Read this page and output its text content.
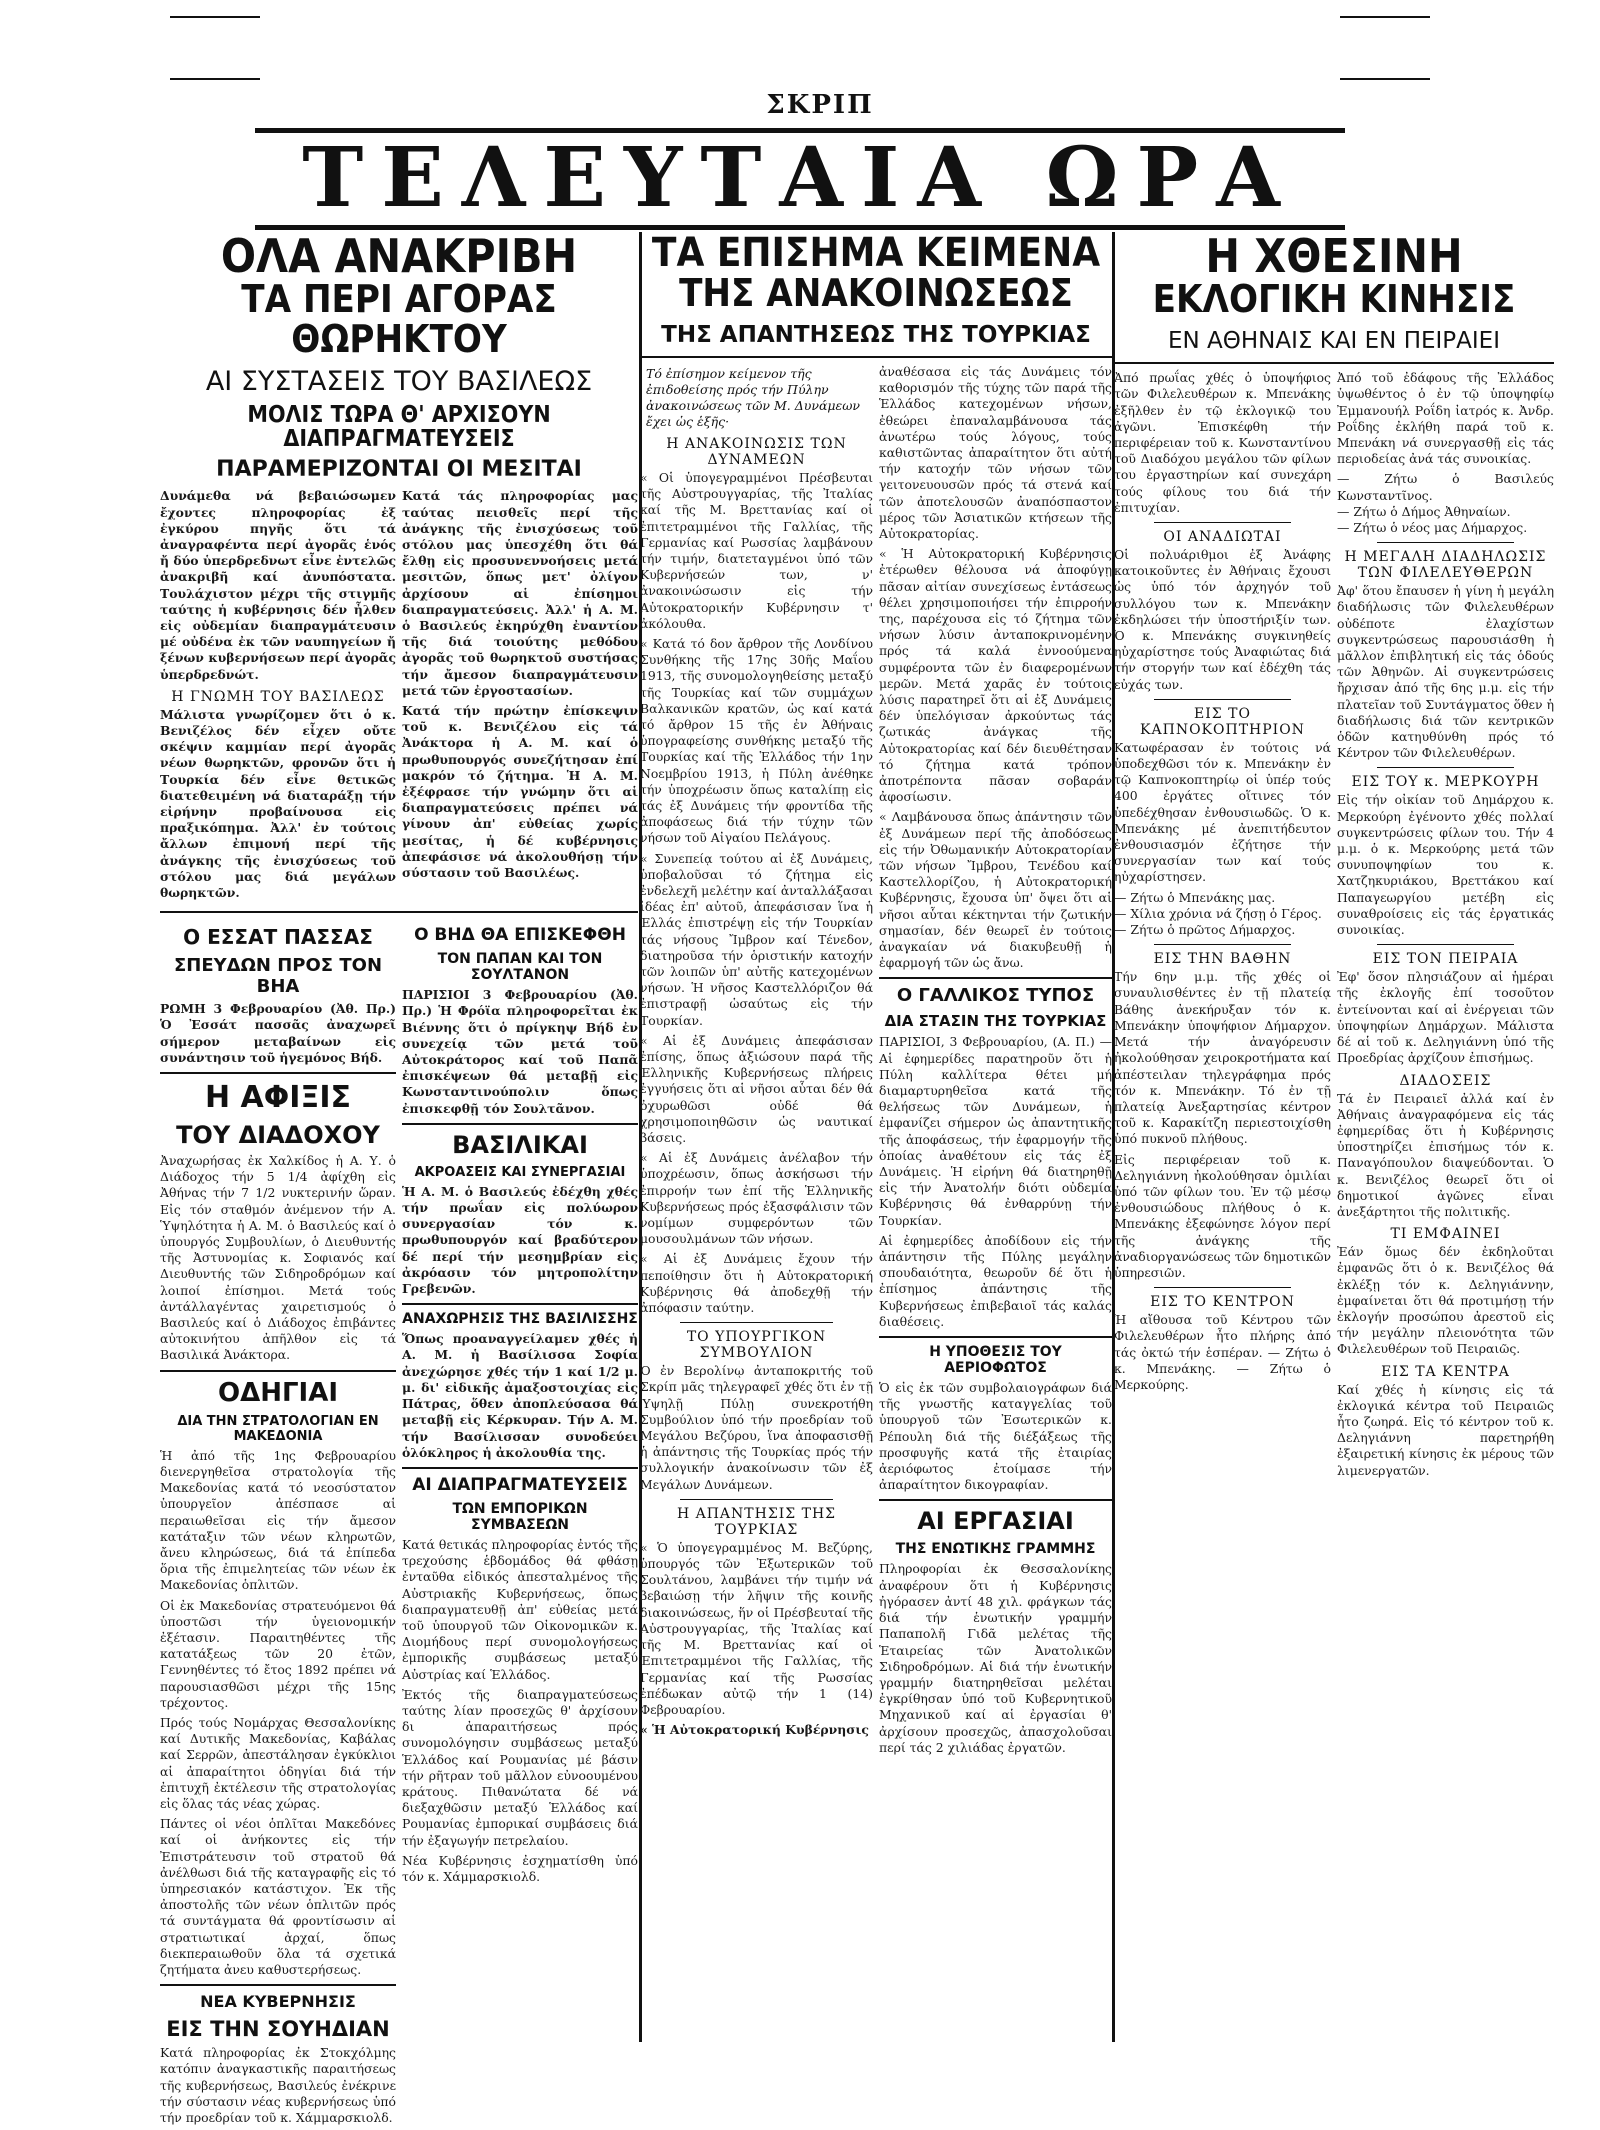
ΣΚΡΙΠ
ΤΕΛΕΥΤΑΙΑ ΩΡΑ

ΟΛΑ ΑΝΑΚΡΙΒΗ

ΤΑ ΠΕΡΙ ΑΓΟΡΑΣ ΘΩΡΗΚΤΟΥ

ΑΙ ΣΥΣΤΑΣΕΙΣ ΤΟΥ ΒΑΣΙΛΕΩΣ

ΜΟΛΙΣ ΤΩΡΑ Θ' ΑΡΧΙΣΟΥΝ ΔΙΑΠΡΑΓΜΑΤΕΥΣΕΙΣ

ΠΑΡΑΜΕΡΙΖΟΝΤΑΙ ΟΙ ΜΕΣΙΤΑΙ

Δυνάμεθα νά βεβαιώσωμεν ἔχοντες πληροφορίας ἐξ ἐγκύρου πηγῆς ὅτι τά ἀναγραφέντα περί ἀγορᾶς ἑνός ἤ δύο ὑπερδρεδνωτ εἶνε ἐντελῶς ἀνακριβῆ καί ἀνυπόστατα. Τουλάχιστον μέχρι τῆς στιγμῆς ταύτης ἡ κυβέρνησις δέν ἦλθεν εἰς οὐδεμίαν διαπραγμάτευσιν μέ οὐδένα ἐκ τῶν ναυπηγείων ἤ ξένων κυβερνήσεων περί ἀγορᾶς ὑπερδρεδνώτ.

Η ΓΝΩΜΗ ΤΟΥ ΒΑΣΙΛΕΩΣ

Μάλιστα γνωρίζομεν ὅτι ὁ κ. Βενιζέλος δέν εἶχεν οὔτε σκέψιν καμμίαν περί ἀγορᾶς νέων θωρηκτῶν, φρονῶν ὅτι ἡ Τουρκία δέν εἶνε θετικῶς διατεθειμένη νά διαταράξῃ τήν εἰρήνην προβαίνουσα εἰς πραξικόπημα. Ἀλλ' ἐν τούτοις ἄλλων ἐπιμονή περί τῆς ἀνάγκης τῆς ἐνισχύσεως τοῦ στόλου μας διά μεγάλων θωρηκτῶν.

Κατά τάς πληροφορίας μας ταύτας πεισθεῖς περί τῆς ἀνάγκης τῆς ἐνισχύσεως τοῦ στόλου μας ὑπεσχέθη ὅτι θά ἔλθῃ εἰς προσυνεννοήσεις μετά μεσιτῶν, ὅπως μετ' ὀλίγον ἀρχίσουν αἱ ἐπίσημοι διαπραγματεύσεις. Ἀλλ' ἡ Α. Μ. ὁ Βασιλεύς ἐκηρύχθη ἐναντίον τῆς διά τοιούτης μεθόδου ἀγορᾶς τοῦ θωρηκτοῦ συστήσας τήν ἄμεσον διαπραγμάτευσιν μετά τῶν ἐργοστασίων.

Κατά τήν πρώτην ἐπίσκεψιν τοῦ κ. Βενιζέλου εἰς τά Ἀνάκτορα ἡ Α. Μ. καί ὁ πρωθυπουργός συνεζήτησαν ἐπί μακρόν τό ζήτημα. Ἡ Α. Μ. ἐξέφρασε τήν γνώμην ὅτι αἱ διαπραγματεύσεις πρέπει νά γίνουν ἀπ' εὐθείας χωρίς μεσίτας, ἡ δέ κυβέρνησις ἀπεφάσισε νά ἀκολουθήσῃ τήν σύστασιν τοῦ Βασιλέως.

Ο ΕΣΣΑΤ ΠΑΣΣΑΣ

ΣΠΕΥΔΩΝ ΠΡΟΣ ΤΟΝ ΒΗΑ

ΡΩΜΗ 3 Φεβρουαρίου (Ἀθ. Πρ.) Ὁ Ἐσσάτ πασσᾶς ἀναχωρεῖ σήμερον μεταβαίνων εἰς συνάντησιν τοῦ ἡγεμόνος Βήδ.

Η ΑΦΙΞΙΣ

ΤΟΥ ΔΙΑΔΟΧΟΥ

Ἀναχωρήσας ἐκ Χαλκίδος ἡ Α. Υ. ὁ Διάδοχος τήν 5 1/4 ἀφίχθη εἰς Ἀθήνας τήν 7 1/2 νυκτερινήν ὥραν. Εἰς τόν σταθμόν ἀνέμενον τήν Α. Ὑψηλότητα ἡ Α. Μ. ὁ Βασιλεύς καί ὁ ὑπουργός Συμβουλίων, ὁ Διευθυντής τῆς Ἀστυνομίας κ. Σοφιανός καί Διευθυντής τῶν Σιδηροδρόμων καί λοιποί ἐπίσημοι. Μετά τούς ἀντάλλαγέντας χαιρετισμούς ὁ Βασιλεύς καί ὁ Διάδοχος ἐπιβάντες αὐτοκινήτου ἀπῆλθον εἰς τά Βασιλικά Ἀνάκτορα.

ΟΔΗΓΙΑΙ

ΔΙΑ ΤΗΝ ΣΤΡΑΤΟΛΟΓΙΑΝ ΕΝ ΜΑΚΕΔΟΝΙΑ

Ἡ ἀπό τῆς 1ης Φεβρουαρίου διενεργηθεῖσα στρατολογία τῆς Μακεδονίας κατά τό νεοσύστατον ὑπουργεῖον ἀπέσπασε αἱ περαιωθεῖσαι εἰς τήν ἄμεσον κατάταξιν τῶν νέων κληρωτῶν, ἄνευ κληρώσεως, διά τά ἐπίπεδα ὅρια τῆς ἐπιμελητείας τῶν νέων ἐκ Μακεδονίας ὁπλιτῶν.

Οἱ ἐκ Μακεδονίας στρατευόμενοι θά ὑποστῶσι τήν ὑγειονομικήν ἐξέτασιν. Παραιτηθέντες τῆς κατατάξεως τῶν 20 ἐτῶν, Γεννηθέντες τό ἔτος 1892 πρέπει νά παρουσιασθῶσι μέχρι τῆς 15ης τρέχοντος.

Πρός τούς Νομάρχας Θεσσαλονίκης καί Δυτικῆς Μακεδονίας, Καβάλας καί Σερρῶν, ἀπεστάλησαν ἐγκύκλιοι αἱ ἀπαραίτητοι ὁδηγίαι διά τήν ἐπιτυχῆ ἐκτέλεσιν τῆς στρατολογίας εἰς ὅλας τάς νέας χώρας.

Πάντες οἱ νέοι ὁπλῖται Μακεδόνες καί οἱ ἀνήκοντες εἰς τήν Ἐπιστράτευσιν τοῦ στρατοῦ θά ἀνέλθωσι διά τῆς καταγραφῆς εἰς τό ὑπηρεσιακόν κατάστιχον. Ἐκ τῆς ἀποστολῆς τῶν νέων ὁπλιτῶν πρός τά συντάγματα θά φροντίσωσιν αἱ στρατιωτικαί ἀρχαί, ὅπως διεκπεραιωθοῦν ὅλα τά σχετικά ζητήματα ἀνευ καθυστερήσεως.

ΝΕΑ ΚΥΒΕΡΝΗΣΙΣ

ΕΙΣ ΤΗΝ ΣΟΥΗΔΙΑΝ

Κατά πληροφορίας ἐκ Στοκχόλμης κατόπιν ἀναγκαστικῆς παραιτήσεως τῆς κυβερνήσεως, Βασιλεύς ἐνέκρινε τήν σύστασιν νέας κυβερνήσεως ὑπό τήν προεδρίαν τοῦ κ. Χάμμαρσκιολδ.

Ο ΒΗΔ ΘΑ ΕΠΙΣΚΕΦΘΗ

ΤΟΝ ΠΑΠΑΝ ΚΑΙ ΤΟΝ ΣΟΥΛΤΑΝΟΝ

ΠΑΡΙΣΙΟΙ 3 Φεβρουαρίου (Ἀθ. Πρ.) Ἡ Φρόϊα πληροφορεῖται ἐκ Βιέννης ὅτι ὁ πρίγκηψ Βήδ ἐν συνεχείᾳ τῶν μετά τοῦ Αὐτοκράτορος καί τοῦ Παπᾶ ἐπισκέψεων θά μεταβῇ εἰς Κωνσταντινούπολιν ὅπως ἐπισκεφθῇ τόν Σουλτᾶνον.

ΒΑΣΙΛΙΚΑΙ

ΑΚΡΟΑΣΕΙΣ ΚΑΙ ΣΥΝΕΡΓΑΣΙΑΙ

Ἡ Α. Μ. ὁ Βασιλεύς ἐδέχθη χθές τήν πρωΐαν εἰς πολύωρον συνεργασίαν τόν κ. πρωθυπουργόν καί βραδύτερον δέ περί τήν μεσημβρίαν εἰς ἀκρόασιν τόν μητροπολίτην Γρεβενῶν.

ΑΝΑΧΩΡΗΣΙΣ ΤΗΣ ΒΑΣΙΛΙΣΣΗΣ

Ὅπως προαναγγείλαμεν χθές ἡ Α. Μ. ἡ Βασίλισσα Σοφία ἀνεχώρησε χθές τήν 1 καί 1/2 μ. μ. δι' εἰδικῆς ἀμαξοστοιχίας εἰς Πάτρας, ὅθεν ἀποπλεύσασα θά μεταβῇ εἰς Κέρκυραν. Τήν Α. Μ. τήν Βασίλισσαν συνοδεύει ὁλόκληρος ἡ ἀκολουθία της.

ΑΙ ΔΙΑΠΡΑΓΜΑΤΕΥΣΕΙΣ

ΤΩΝ ΕΜΠΟΡΙΚΩΝ ΣΥΜΒΑΣΕΩΝ

Κατά θετικάς πληροφορίας ἐντός τῆς τρεχούσης ἑβδομάδος θά φθάσῃ ἐνταῦθα εἰδικός ἀπεσταλμένος τῆς Αὐστριακῆς Κυβερνήσεως, ὅπως διαπραγματευθῇ ἀπ' εὐθείας μετά τοῦ ὑπουργοῦ τῶν Οἰκονομικῶν κ. Διομήδους περί συνομολογήσεως ἐμπορικῆς συμβάσεως μεταξύ Αὐστρίας καί Ἑλλάδος.

Ἐκτός τῆς διαπραγματεύσεως ταύτης λίαν προσεχῶς θ' ἀρχίσουν δι ἀπαραιτήσεως πρός συνομολόγησιν συμβάσεως μεταξύ Ἑλλάδος καί Ρουμανίας μέ βάσιν τήν ρῆτραν τοῦ μᾶλλον εὐνοουμένου κράτους. Πιθανώτατα δέ νά διεξαχθῶσιν μεταξύ Ἑλλάδος καί Ρουμανίας ἐμπορικαί συμβάσεις διά τήν ἐξαγωγήν πετρελαίου.

Νέα Κυβέρνησις ἐσχηματίσθη ὑπό τόν κ. Χάμμαρσκιολδ.

ΤΑ ΕΠΙΣΗΜΑ ΚΕΙΜΕΝΑ

ΤΗΣ ΑΝΑΚΟΙΝΩΣΕΩΣ

ΤΗΣ ΑΠΑΝΤΗΣΕΩΣ ΤΗΣ ΤΟΥΡΚΙΑΣ

Τό ἐπίσημον κείμενον τῆς ἐπιδοθείσης πρός τήν Πύλην ἀνακοινώσεως τῶν Μ. Δυνάμεων ἔχει ὡς ἑξῆς·

Η ΑΝΑΚΟΙΝΩΣΙΣ ΤΩΝ ΔΥΝΑΜΕΩΝ

« Οἱ ὑπογεγραμμένοι Πρέσβευται τῆς Αὐστρουγγαρίας, τῆς Ἰταλίας καί τῆς Μ. Βρεττανίας καί οἱ ἐπιτετραμμένοι τῆς Γαλλίας, τῆς Γερμανίας καί Ρωσσίας λαμβάνουν τήν τιμήν, διατεταγμένοι ὑπό τῶν Κυβερνήσεών των, ν' ἀνακοινώσωσιν εἰς τήν Αὐτοκρατορικήν Κυβέρνησιν τ' ἀκόλουθα.

« Κατά τό δον ἄρθρον τῆς Λονδίνου Συνθήκης τῆς 17ης 30ῆς Μαΐου 1913, τῆς συνομολογηθείσης μεταξύ τῆς Τουρκίας καί τῶν συμμάχων Βαλκανικῶν κρατῶν, ὡς καί κατά τό ἄρθρον 15 τῆς ἐν Ἀθήναις ὑπογραφείσης συνθήκης μεταξύ τῆς Τουρκίας καί τῆς Ἑλλάδος τήν 1ην Νοεμβρίου 1913, ἡ Πύλη ἀνέθηκε τήν ὑποχρέωσιν ὅπως καταλίπῃ εἰς τάς ἐξ Δυνάμεις τήν φροντίδα τῆς ἀποφάσεως διά τήν τύχην τῶν νήσων τοῦ Αἰγαίου Πελάγους.

« Συνεπείᾳ τούτου αἱ ἐξ Δυνάμεις, ὑποβαλοῦσαι τό ζήτημα εἰς ἐνδελεχῆ μελέτην καί ἀνταλλάξασαι ἰδέας ἐπ' αὐτοῦ, ἀπεφάσισαν ἵνα ἡ Ἑλλάς ἐπιστρέψῃ εἰς τήν Τουρκίαν τάς νήσους Ἴμβρον καί Τένεδον, διατηροῦσα τήν ὁριστικήν κατοχήν τῶν λοιπῶν ὑπ' αὐτῆς κατεχομένων νήσων. Ἡ νῆσος Καστελλόριζον θά ἐπιστραφῇ ὡσαύτως εἰς τήν Τουρκίαν.

« Αἱ ἐξ Δυνάμεις ἀπεφάσισαν ἐπίσης, ὅπως ἀξιώσουν παρά τῆς Ἑλληνικῆς Κυβερνήσεως πλήρεις ἐγγυήσεις ὅτι αἱ νῆσοι αὗται δέν θά ὀχυρωθῶσι οὐδέ θά χρησιμοποιηθῶσιν ὡς ναυτικαί βάσεις.

« Αἱ ἐξ Δυνάμεις ἀνέλαβον τήν ὑποχρέωσιν, ὅπως ἀσκήσωσι τήν ἐπιρροήν των ἐπί τῆς Ἑλληνικῆς Κυβερνήσεως πρός ἐξασφάλισιν τῶν νομίμων συμφερόντων τῶν μουσουλμάνων τῶν νήσων.

« Αἱ ἐξ Δυνάμεις ἔχουν τήν πεποίθησιν ὅτι ἡ Αὐτοκρατορική Κυβέρνησις θά ἀποδεχθῇ τήν ἀπόφασιν ταύτην.

ΤΟ ΥΠΟΥΡΓΙΚΟΝ ΣΥΜΒΟΥΛΙΟΝ

Ὁ ἐν Βερολίνῳ ἀνταποκριτής τοῦ Σκρίπ μᾶς τηλεγραφεῖ χθές ὅτι ἐν τῇ Ὑψηλῇ Πύλῃ συνεκροτήθη Συμβούλιον ὑπό τήν προεδρίαν τοῦ Μεγάλου Βεζύρου, ἵνα ἀποφασισθῇ ἡ ἀπάντησις τῆς Τουρκίας πρός τήν συλλογικήν ἀνακοίνωσιν τῶν ἐξ Μεγάλων Δυνάμεων.

Η ΑΠΑΝΤΗΣΙΣ ΤΗΣ ΤΟΥΡΚΙΑΣ

« Ὁ ὑπογεγραμμένος Μ. Βεζύρης, ὑπουργός τῶν Ἐξωτερικῶν τοῦ Σουλτάνου, λαμβάνει τήν τιμήν νά βεβαιώσῃ τήν λῆψιν τῆς κοινῆς διακοινώσεως, ἥν οἱ Πρέσβευταί τῆς Αὐστρουγγαρίας, τῆς Ἰταλίας καί τῆς Μ. Βρεττανίας καί οἱ Ἐπιτετραμμένοι τῆς Γαλλίας, τῆς Γερμανίας καί τῆς Ρωσσίας ἐπέδωκαν αὐτῷ τήν 1 (14) Φεβρουαρίου.

« Ἡ Αὐτοκρατορική Κυβέρνησις

ἀναθέσασα εἰς τάς Δυνάμεις τόν καθορισμόν τῆς τύχης τῶν παρά τῆς Ἑλλάδος κατεχομένων νήσων, ἐθεώρει ἐπαναλαμβάνουσα τάς ἀνωτέρω τούς λόγους, τούς καθιστῶντας ἀπαραίτητον ὅτι αὐτή τήν κατοχήν τῶν νήσων τῶν γειτονευουσῶν πρός τά στενά καί τῶν ἀποτελουσῶν ἀναπόσπαστον μέρος τῶν Ἀσιατικῶν κτήσεων τῆς Αὐτοκρατορίας.

« Ἡ Αὐτοκρατορική Κυβέρνησις ἐτέρωθεν θέλουσα νά ἀποφύγῃ πᾶσαν αἰτίαν συνεχίσεως ἐντάσεως θέλει χρησιμοποιήσει τήν ἐπιρροήν της, παρέχουσα εἰς τό ζήτημα τῶν νήσων λύσιν ἀνταποκρινομένην πρός τά καλά ἐννοούμενα συμφέροντα τῶν ἐν διαφερομένων μερῶν. Μετά χαρᾶς ἐν τούτοις λύσις παρατηρεῖ ὅτι αἱ ἐξ Δυνάμεις δέν ὑπελόγισαν ἀρκούντως τάς ζωτικάς ἀνάγκας τῆς Αὐτοκρατορίας καί δέν διευθέτησαν τό ζήτημα κατά τρόπον ἀποτρέποντα πᾶσαν σοβαράν ἀφοσίωσιν.

« Λαμβάνουσα ὅπως ἀπάντησιν τῶν ἐξ Δυνάμεων περί τῆς ἀποδόσεως εἰς τήν Ὀθωμανικήν Αὐτοκρατορίαν τῶν νήσων Ἴμβρου, Τενέδου καί Καστελλορίζου, ἡ Αὐτοκρατορική Κυβέρνησις, ἔχουσα ὑπ' ὄψει ὅτι αἱ νῆσοι αὗται κέκτηνται τήν ζωτικήν σημασίαν, δέν θεωρεῖ ἐν τούτοις ἀναγκαίαν νά διακυβευθῇ ἡ ἐφαρμογή τῶν ὡς ἄνω.

Ο ΓΑΛΛΙΚΟΣ ΤΥΠΟΣ

ΔΙΑ ΣΤΑΣΙΝ ΤΗΣ ΤΟΥΡΚΙΑΣ

ΠΑΡΙΣΙΟΙ, 3 Φεβρουαρίου, (Α. Π.) — Αἱ ἐφημερίδες παρατηροῦν ὅτι ἡ Πύλη καλλίτερα θέτει μή διαμαρτυρηθεῖσα κατά τῆς θελήσεως τῶν Δυνάμεων, ἡ ἐμφανίζει σήμερον ὡς ἀπαντητικῆς τῆς ἀποφάσεως, τήν ἐφαρμογήν τῆς ὁποίας ἀναθέτουν εἰς τάς ἐξ Δυνάμεις. Ἡ εἰρήνη θά διατηρηθῇ εἰς τήν Ἀνατολήν διότι οὐδεμία Κυβέρνησις θά ἐνθαρρύνῃ τήν Τουρκίαν.

Αἱ ἐφημερίδες ἀποδίδουν εἰς τήν ἀπάντησιν τῆς Πύλης μεγάλην σπουδαιότητα, θεωροῦν δέ ὅτι ἡ ἐπίσημος ἀπάντησις τῆς Κυβερνήσεως ἐπιβεβαιοῖ τάς καλάς διαθέσεις.

Η ΥΠΟΘΕΣΙΣ ΤΟΥ ΑΕΡΙΟΦΩΤΟΣ

Ὁ εἰς ἐκ τῶν συμβολαιογράφων διά τῆς γνωστῆς καταγγελίας τοῦ ὑπουργοῦ τῶν Ἐσωτερικῶν κ. Ρέπουλη διά τῆς διέξάξεως τῆς προσφυγῆς κατά τῆς ἐταιρίας ἀεριόφωτος ἐτοίμασε τήν ἀπαραίτητον δικογραφίαν.

ΑΙ ΕΡΓΑΣΙΑΙ

ΤΗΣ ΕΝΩΤΙΚΗΣ ΓΡΑΜΜΗΣ

Πληροφορίαι ἐκ Θεσσαλονίκης ἀναφέρουν ὅτι ἡ Κυβέρνησις ἠγόρασεν ἀντί 48 χιλ. φράγκων τάς διά τήν ἑνωτικήν γραμμήν Παπαπολῆ Γιδᾶ μελέτας τῆς Ἑταιρείας τῶν Ἀνατολικῶν Σιδηροδρόμων. Αἱ διά τήν ἑνωτικήν γραμμήν διατηρηθεῖσαι μελέται ἐγκρίθησαν ὑπό τοῦ Κυβερνητικοῦ Μηχανικοῦ καί αἱ ἐργασίαι θ' ἀρχίσουν προσεχῶς, ἀπασχολοῦσαι περί τάς 2 χιλιάδας ἐργατῶν.

Η ΧΘΕΣΙΝΗ

ΕΚΛΟΓΙΚΗ ΚΙΝΗΣΙΣ

ΕΝ ΑΘΗΝΑΙΣ ΚΑΙ ΕΝ ΠΕΙΡΑΙΕΙ

Ἀπό πρωΐας χθές ὁ ὑποψήφιος τῶν Φιλελευθέρων κ. Μπενάκης ἐξῆλθεν ἐν τῷ ἐκλογικῷ του ἀγῶνι. Ἐπισκέφθη τήν περιφέρειαν τοῦ κ. Κωνσταντίνου τοῦ Διαδόχου μεγάλου τῶν φίλων του ἐργαστηρίων καί συνεχάρη τούς φίλους του διά τήν ἐπιτυχίαν.

ΟΙ ΑΝΑΔΙΩΤΑΙ

Οἱ πολυάριθμοι ἐξ Ἀνάφης κατοικοῦντες ἐν Ἀθήναις ἔχουσι ὡς ὑπό τόν ἀρχηγόν τοῦ συλλόγου των κ. Μπενάκην ἐκδηλώσει τήν ὑποστήριξίν των. Ὁ κ. Μπενάκης συγκινηθείς ηὐχαρίστησε τούς Ἀναφιώτας διά τήν στοργήν των καί ἐδέχθη τάς εὐχάς των.

ΕΙΣ ΤΟ ΚΑΠΝΟΚΟΠΤΗΡΙΟΝ

Κατωφέρασαν ἐν τούτοις νά ὑποδεχθῶσι τόν κ. Μπενάκην ἐν τῷ Καπνοκοπτηρίῳ οἱ ὑπέρ τούς 400 ἐργάτες οἵτινες τόν ὑπεδέχθησαν ἐνθουσιωδῶς. Ὁ κ. Μπενάκης μέ ἀνεπιτήδευτον ἐνθουσιασμόν ἐζήτησε τήν συνεργασίαν των καί τούς ηὐχαρίστησεν.

— Ζήτω ὁ Μπενάκης μας.
— Χίλια χρόνια νά ζήσῃ ὁ Γέρος.
— Ζήτω ὁ πρῶτος Δήμαρχος.

ΕΙΣ ΤΗΝ ΒΑΘΗΝ

Τήν 6ην μ.μ. τῆς χθές οἱ συναυλισθέντες ἐν τῇ πλατείᾳ Βάθης ἀνεκήρυξαν τόν κ. Μπενάκην ὑποψήφιον Δήμαρχον. Μετά τήν ἀναγόρευσιν ἠκολούθησαν χειροκροτήματα καί ἀπέστειλαν τηλεγράφημα πρός τόν κ. Μπενάκην. Τό ἐν τῇ πλατείᾳ Ἀνεξαρτησίας κέντρον τοῦ κ. Καρακίτζη περιεστοιχίσθη ὑπό πυκνοῦ πλήθους.

Εἰς περιφέρειαν τοῦ κ. Δεληγιάννη ἠκολούθησαν ὁμιλίαι ὑπό τῶν φίλων του. Ἐν τῷ μέσῳ ἐνθουσιώδους πλήθους ὁ κ. Μπενάκης ἐξεφώνησε λόγον περί τῆς ἀνάγκης τῆς ἀναδιοργανώσεως τῶν δημοτικῶν ὑπηρεσιῶν.

ΕΙΣ ΤΟ ΚΕΝΤΡΟΝ

Ἡ αἴθουσα τοῦ Κέντρου τῶν Φιλελευθέρων ἦτο πλήρης ἀπό τάς ὀκτώ τήν ἑσπέραν. — Ζήτω ὁ κ. Μπενάκης. — Ζήτω ὁ Μερκούρης.

Ἀπό τοῦ ἐδάφους τῆς Ἑλλάδος ὑψωθέντος ὁ ἐν τῷ ὑποψηφίῳ Ἐμμανουήλ Ροΐδη ἰατρός κ. Ἀνδρ. Ροΐδης ἐκλήθη παρά τοῦ κ. Μπενάκη νά συνεργασθῇ εἰς τάς περιοδείας ἀνά τάς συνοικίας.

— Ζήτω ὁ Βασιλεύς Κωνσταντῖνος.
— Ζήτω ὁ Δήμος Ἀθηναίων.
— Ζήτω ὁ νέος μας Δήμαρχος.

Η ΜΕΓΑΛΗ ΔΙΑΔΗΛΩΣΙΣ ΤΩΝ ΦΙΛΕΛΕΥΘΕΡΩΝ

Ἀφ' ὅτου ἔπαυσεν ἡ γίνη ἡ μεγάλη διαδήλωσις τῶν Φιλελευθέρων οὐδέποτε ἐλαχίστων συγκεντρώσεως παρουσιάσθη ἡ μᾶλλον ἐπιβλητική εἰς τάς ὁδούς τῶν Ἀθηνῶν. Αἱ συγκεντρώσεις ἤρχισαν ἀπό τῆς 6ης μ.μ. εἰς τήν πλατεῖαν τοῦ Συντάγματος ὅθεν ἡ διαδήλωσις διά τῶν κεντρικῶν ὁδῶν κατηυθύνθη πρός τό Κέντρον τῶν Φιλελευθέρων.

ΕΙΣ ΤΟΥ κ. ΜΕΡΚΟΥΡΗ

Εἰς τήν οἰκίαν τοῦ Δημάρχου κ. Μερκούρη ἐγένοντο χθές πολλαί συγκεντρώσεις φίλων του. Τήν 4 μ.μ. ὁ κ. Μερκούρης μετά τῶν συνυποψηφίων του κ. Χατζηκυριάκου, Βρεττάκου καί Παπαγεωργίου μετέβη εἰς συναθροίσεις εἰς τάς ἐργατικάς συνοικίας.

ΕΙΣ ΤΟΝ ΠΕΙΡΑΙΑ

Ἐφ' ὅσον πλησιάζουν αἱ ἡμέραι τῆς ἐκλογῆς ἐπί τοσοῦτον ἐντείνονται καί αἱ ἐνέργειαι τῶν ὑποψηφίων Δημάρχων. Μάλιστα δέ αἱ τοῦ κ. Δεληγιάννη ὑπό τῆς Προεδρίας ἀρχίζουν ἐπισήμως.

ΔΙΑΔΟΣΕΙΣ

Τά ἐν Πειραιεῖ ἀλλά καί ἐν Ἀθήναις ἀναγραφόμενα εἰς τάς ἐφημερίδας ὅτι ἡ Κυβέρνησις ὑποστηρίζει ἐπισήμως τόν κ. Παναγόπουλον διαψεύδονται. Ὁ κ. Βενιζέλος θεωρεῖ ὅτι οἱ δημοτικοί ἀγῶνες εἶναι ἀνεξάρτητοι τῆς πολιτικῆς.

ΤΙ ΕΜΦΑΙΝΕΙ

Ἐάν ὅμως δέν ἐκδηλοῦται ἐμφανῶς ὅτι ὁ κ. Βενιζέλος θά ἐκλέξῃ τόν κ. Δεληγιάννην, ἐμφαίνεται ὅτι θά προτιμήσῃ τήν ἐκλογήν προσώπου ἀρεστοῦ εἰς τήν μεγάλην πλειονότητα τῶν Φιλελευθέρων τοῦ Πειραιῶς.

ΕΙΣ ΤΑ ΚΕΝΤΡΑ

Καί χθές ἡ κίνησις εἰς τά ἐκλογικά κέντρα τοῦ Πειραιῶς ἦτο ζωηρά. Εἰς τό κέντρον τοῦ κ. Δεληγιάννη παρετηρήθη ἐξαιρετική κίνησις ἐκ μέρους τῶν λιμενεργατῶν.
